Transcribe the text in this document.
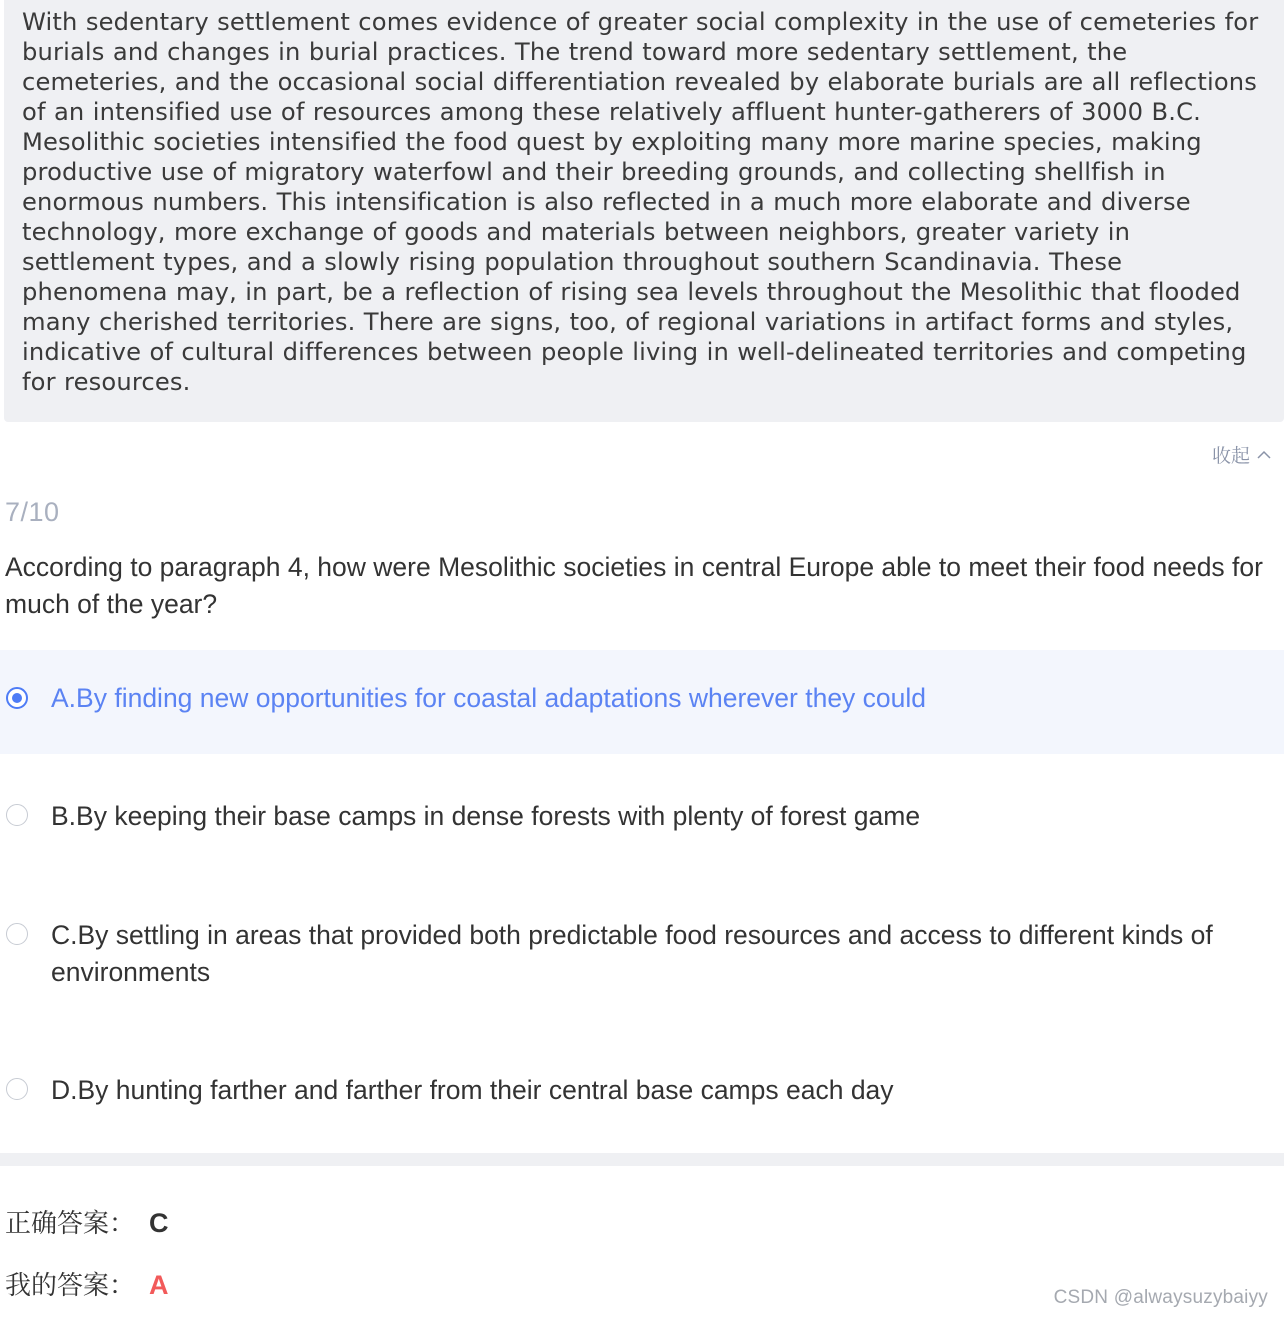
With sedentary settlement comes evidence of greater social complexity in the use of cemeteries for burials and changes in burial practices. The trend toward more sedentary settlement, the cemeteries, and the occasional social differentiation revealed by elaborate burials are all reflections of an intensified use of resources among these relatively affluent hunter-gatherers of 3000 B.C. Mesolithic societies intensified the food quest by exploiting many more marine species, making productive use of migratory waterfowl and their breeding grounds, and collecting shellfish in enormous numbers. This intensification is also reflected in a much more elaborate and diverse technology, more exchange of goods and materials between neighbors, greater variety in settlement types, and a slowly rising population throughout southern Scandinavia. These phenomena may, in part, be a reflection of rising sea levels throughout the Mesolithic that flooded many cherished territories. There are signs, too, of regional variations in artifact forms and styles, indicative of cultural differences between people living in well-delineated territories and competing for resources.

收起
7/10

According to paragraph 4, how were Mesolithic societies in central Europe able to meet their food needs for much of the year?

A.By finding new opportunities for coastal adaptations wherever they could
B.By keeping their base camps in dense forests with plenty of forest game
C.By settling in areas that provided both predictable food resources and access to different kinds of environments
D.By hunting farther and farther from their central base camps each day
正确答案： C
我的答案： A	CSDN @alwaysuzybaiyy
